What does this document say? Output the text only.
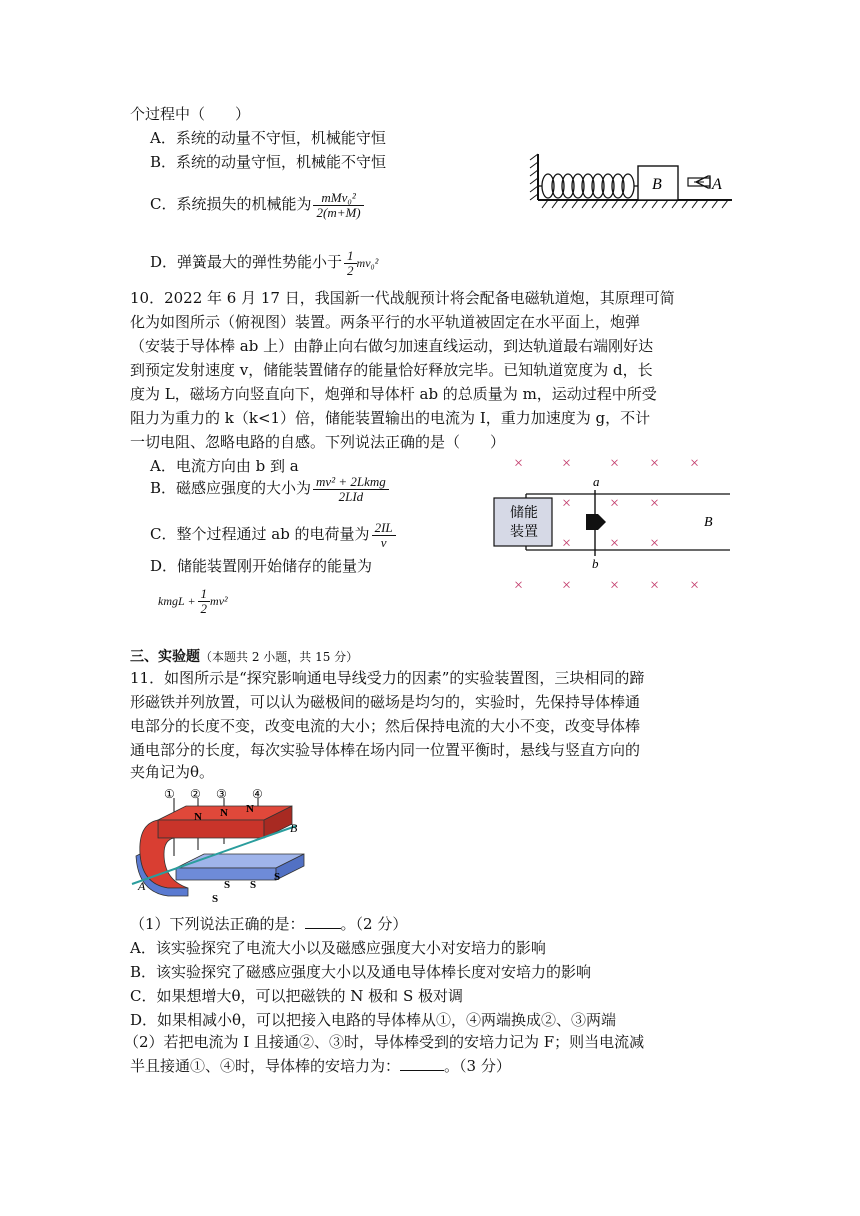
个过程中（　　）
A．系统的动量不守恒，机械能守恒
B．系统的动量守恒，机械能不守恒
C．系统损失的机械能为 $\frac{\text{mMv₀²}}{2(m+M)}$
D．弹簧最大的弹性势能小于 $\frac{1}{2} mv_0^2$
B	A
10．2022 年 6 月 17 日，我国新一代战舰预计将会配备电磁轨道炮，其原理可简
化为如图所示（俯视图）装置。两条平行的水平轨道被固定在水平面上，炮弹
（安装于导体棒 ab 上）由静止向右做匀加速直线运动，到达轨道最右端刚好达
到预定发射速度 v，储能装置储存的能量恰好释放完毕。已知轨道宽度为 d，长
度为 L，磁场方向竖直向下，炮弹和导体杆 ab 的总质量为 m，运动过程中所受
阻力为重力的 k（k<1）倍，储能装置输出的电流为 I，重力加速度为 g，不计
一切电阻、忽略电路的自感。下列说法正确的是（　　）
A．电流方向由 b 到 a
B．磁感应强度的大小为 $\frac{\text{mv² + 2Lkmg}}{\text{2LId}}$
C．整个过程通过 ab 的电荷量为 $\frac{2IL}{v}$
D．储能装置刚开始储存的能量为
kmgL + $\frac{1}{2} mv^2$
× × × × ×
× × ×
× × ×
× × × × ×
储能
装置
a
b
B
三、实验题（本题共 2 小题，共 15 分）
11．如图所示是“探究影响通电导线受力的因素”的实验装置图，三块相同的蹄
形磁铁并列放置，可以认为磁极间的磁场是均匀的，实验时，先保持导体棒通
电部分的长度不变，改变电流的大小；然后保持电流的大小不变，改变导体棒
通电部分的长度，每次实验导体棒在场内同一位置平衡时，悬线与竖直方向的
夹角记为θ。
① ② ③ ④
N N N
S S
S
S
A
B
（1）下列说法正确的是： 。（2 分）
A．该实验探究了电流大小以及磁感应强度大小对安培力的影响
B．该实验探究了磁感应强度大小以及通电导体棒长度对安培力的影响
C．如果想增大θ，可以把磁铁的 N 极和 S 极对调
D．如果相减小θ，可以把接入电路的导体棒从①，④两端换成②、③两端
（2）若把电流为 I 且接通②、③时，导体棒受到的安培力记为 F；则当电流减
半且接通①、④时，导体棒的安培力为：	。（3 分）
